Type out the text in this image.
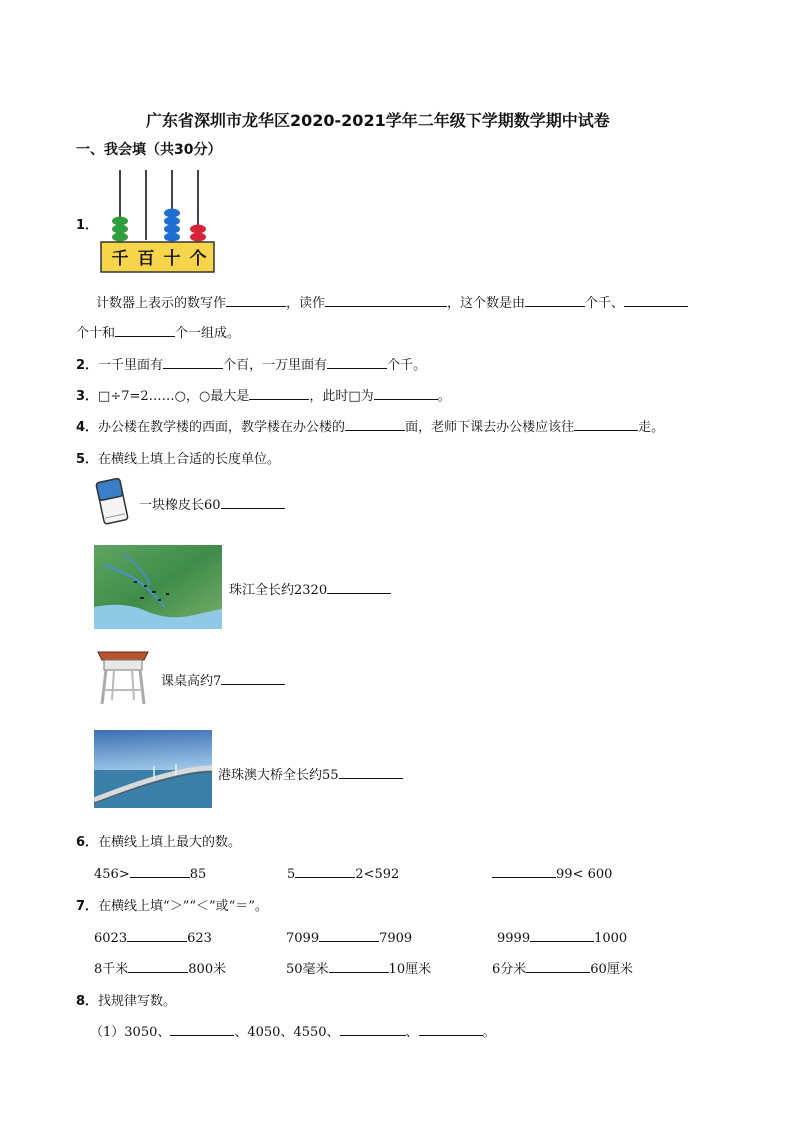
广东省深圳市龙华区2020-2021学年二年级下学期数学期中试卷
一、我会填（共30分）
1．
千 百 十 个
计数器上表示的数写作	，读作	，这个数是由	个千、
个十和	个一组成。
2．一千里面有	个百，一万里面有	个千。
3．□÷7=2……○，○最大是	，此时□为	。
4．办公楼在教学楼的西面，教学楼在办公楼的	面，老师下课去办公楼应该往	走。
5．在横线上填上合适的长度单位。
一块橡皮长60
珠江全长约2320
课桌高约7
港珠澳大桥全长约55
6．在横线上填上最大的数。
456>	85	5	2<592	99< 600
7．在横线上填“＞”“＜”或“＝”。
6023	623	7099	7909	9999	1000
8千米	800米	50毫米	10厘米	6分米	60厘米
8．找规律写数。
（1）3050、	、4050、4550、	、	。
